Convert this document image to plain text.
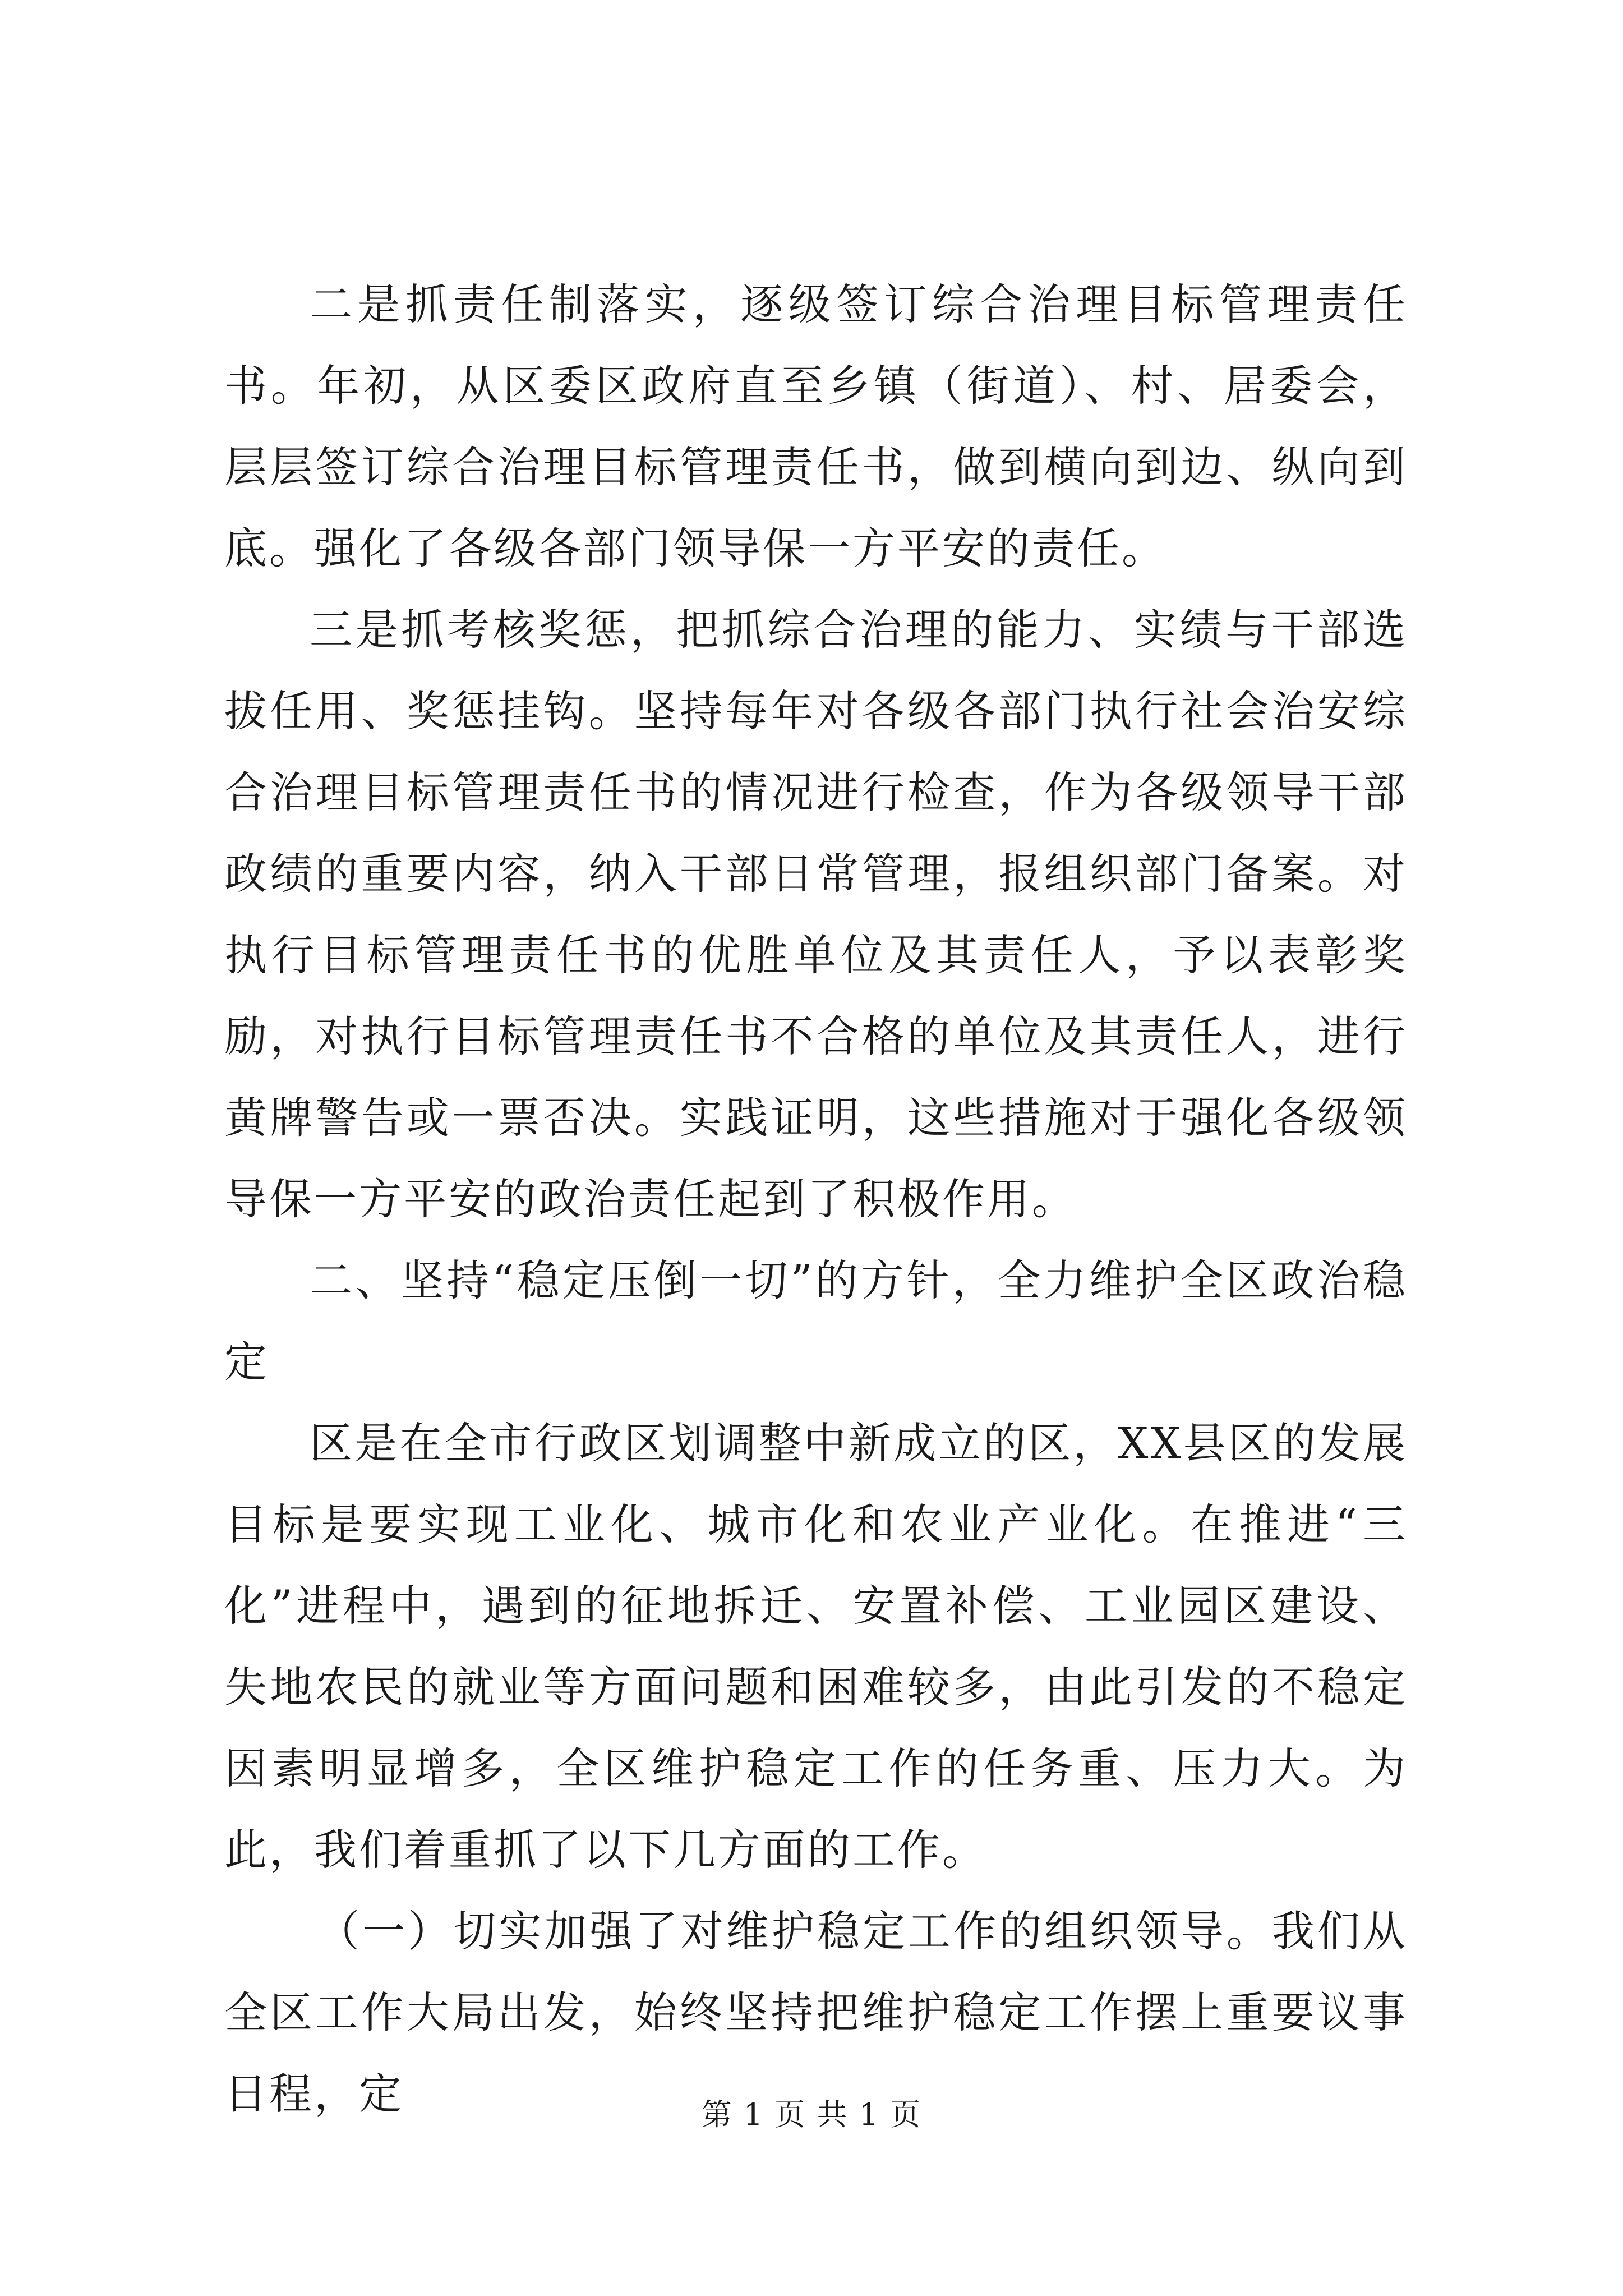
二是抓责任制落实，逐级签订综合治理目标管理责任书。年初，从区委区政府直至乡镇（街道）、村、居委会，层层签订综合治理目标管理责任书，做到横向到边、纵向到底。强化了各级各部门领导保一方平安的责任。

三是抓考核奖惩，把抓综合治理的能力、实绩与干部选拔任用、奖惩挂钩。坚持每年对各级各部门执行社会治安综合治理目标管理责任书的情况进行检查，作为各级领导干部政绩的重要内容，纳入干部日常管理，报组织部门备案。对执行目标管理责任书的优胜单位及其责任人，予以表彰奖励，对执行目标管理责任书不合格的单位及其责任人，进行黄牌警告或一票否决。实践证明，这些措施对于强化各级领导保一方平安的政治责任起到了积极作用。

二、坚持“稳定压倒一切”的方针，全力维护全区政治稳定

区是在全市行政区划调整中新成立的区，XX县区的发展目标是要实现工业化、城市化和农业产业化。在推进“三化”进程中，遇到的征地拆迁、安置补偿、工业园区建设、失地农民的就业等方面问题和困难较多，由此引发的不稳定因素明显增多，全区维护稳定工作的任务重、压力大。为此，我们着重抓了以下几方面的工作。

（一）切实加强了对维护稳定工作的组织领导。我们从全区工作大局出发，始终坚持把维护稳定工作摆上重要议事日程，定	第 1 页 共 1 页
